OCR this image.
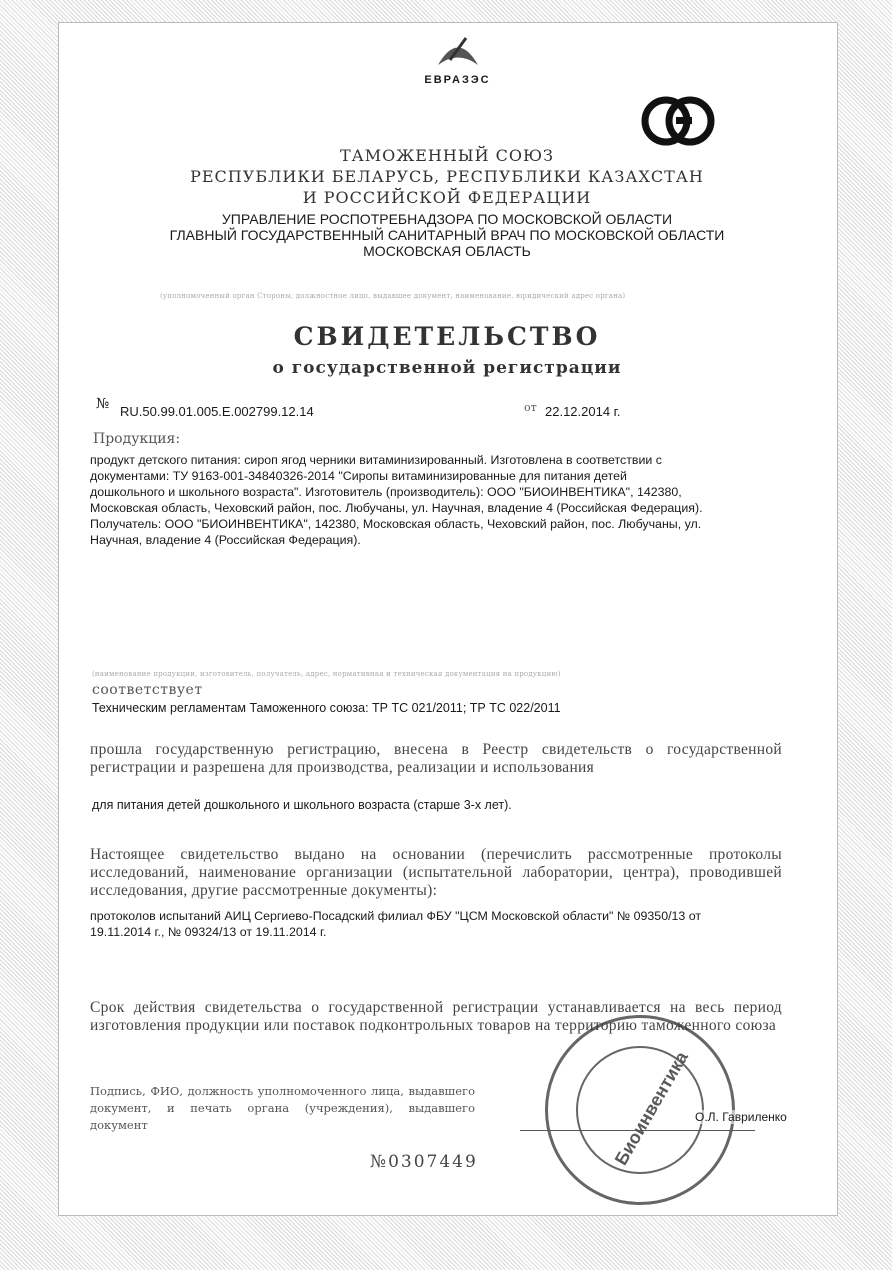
ЕВРАЗЭС
ТАМОЖЕННЫЙ СОЮЗ
РЕСПУБЛИКИ БЕЛАРУСЬ, РЕСПУБЛИКИ КАЗАХСТАН
И РОССИЙСКОЙ ФЕДЕРАЦИИ
УПРАВЛЕНИЕ РОСПОТРЕБНАДЗОРА ПО МОСКОВСКОЙ ОБЛАСТИ
ГЛАВНЫЙ ГОСУДАРСТВЕННЫЙ САНИТАРНЫЙ ВРАЧ ПО МОСКОВСКОЙ ОБЛАСТИ
МОСКОВСКАЯ ОБЛАСТЬ
(уполномоченный орган Стороны, должностное лицо, выдавшее документ, наименование, юридический адрес органа)
СВИДЕТЕЛЬСТВО
о государственной регистрации
№ RU.50.99.01.005.Е.002799.12.14	от 22.12.2014 г.
Продукция:
продукт детского питания: сироп ягод черники витаминизированный. Изготовлена в соответствии с
документами: ТУ 9163-001-34840326-2014 "Сиропы витаминизированные для питания детей
дошкольного и школьного возраста". Изготовитель (производитель): ООО "БИОИНВЕНТИКА", 142380,
Московская область, Чеховский район, пос. Любучаны, ул. Научная, владение 4 (Российская Федерация).
Получатель: ООО "БИОИНВЕНТИКА", 142380, Московская область, Чеховский район, пос. Любучаны, ул.
Научная, владение 4 (Российская Федерация).
(наименование продукции, изготовитель, получатель, адрес, нормативная и техническая документация на продукцию)
соответствует
Техническим регламентам Таможенного союза: ТР ТС 021/2011; ТР ТС 022/2011
прошла государственную регистрацию, внесена в Реестр свидетельств о государственной регистрации и разрешена для производства, реализации и использования
для питания детей дошкольного и школьного возраста (старше 3-х лет).
Настоящее свидетельство выдано на основании (перечислить рассмотренные протоколы исследований, наименование организации (испытательной лаборатории, центра), проводившей исследования, другие рассмотренные документы):
протоколов испытаний АИЦ Сергиево-Посадский филиал ФБУ "ЦСМ Московской области" № 09350/13 от
19.11.2014 г., № 09324/13 от 19.11.2014 г.
Срок действия свидетельства о государственной регистрации устанавливается на весь период изготовления продукции или поставок подконтрольных товаров на территорию таможенного союза
Подпись, ФИО, должность уполномоченного лица, выдавшего документ, и печать органа (учреждения), выдавшего документ
№0307449	Биоинвентика О.Л. Гавриленко
